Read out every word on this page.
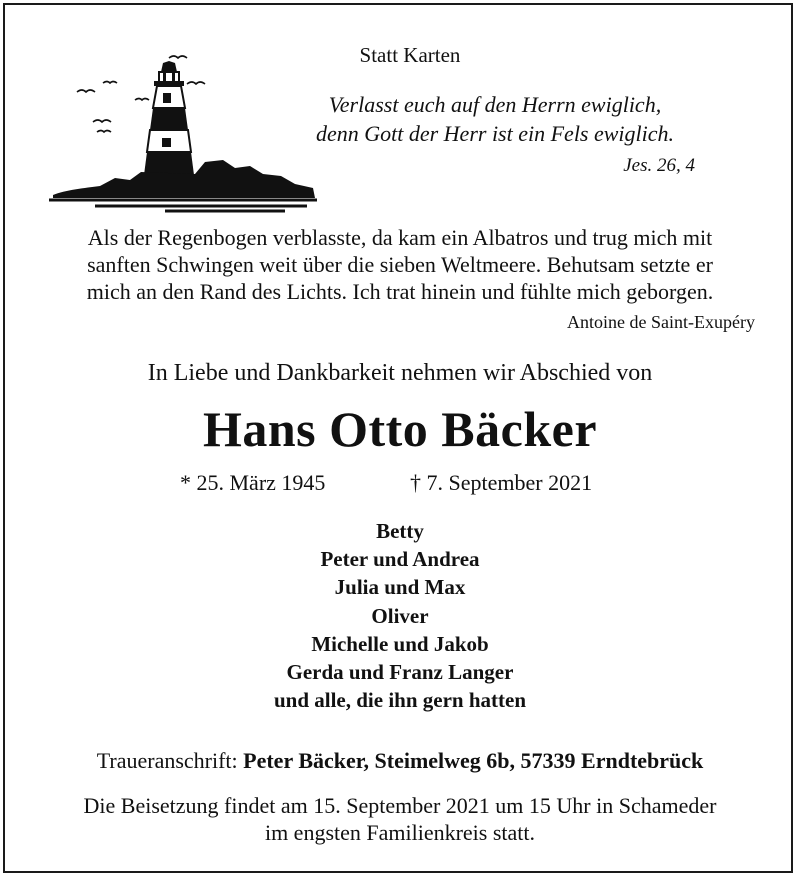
Statt Karten
Verlasst euch auf den Herrn ewiglich,
denn Gott der Herr ist ein Fels ewiglich.
Jes. 26, 4
Als der Regenbogen verblasste, da kam ein Albatros und trug mich mit
sanften Schwingen weit über die sieben Weltmeere. Behutsam setzte er
mich an den Rand des Lichts. Ich trat hinein und fühlte mich geborgen.
Antoine de Saint-Exupéry
In Liebe und Dankbarkeit nehmen wir Abschied von
Hans Otto Bäcker
* 25. März 1945	† 7. September 2021
Betty
Peter und Andrea
Julia und Max
Oliver
Michelle und Jakob
Gerda und Franz Langer
und alle, die ihn gern hatten
Traueranschrift: Peter Bäcker, Steimelweg 6b, 57339 Erndtebrück
Die Beisetzung findet am 15. September 2021 um 15 Uhr in Schameder
im engsten Familienkreis statt.
